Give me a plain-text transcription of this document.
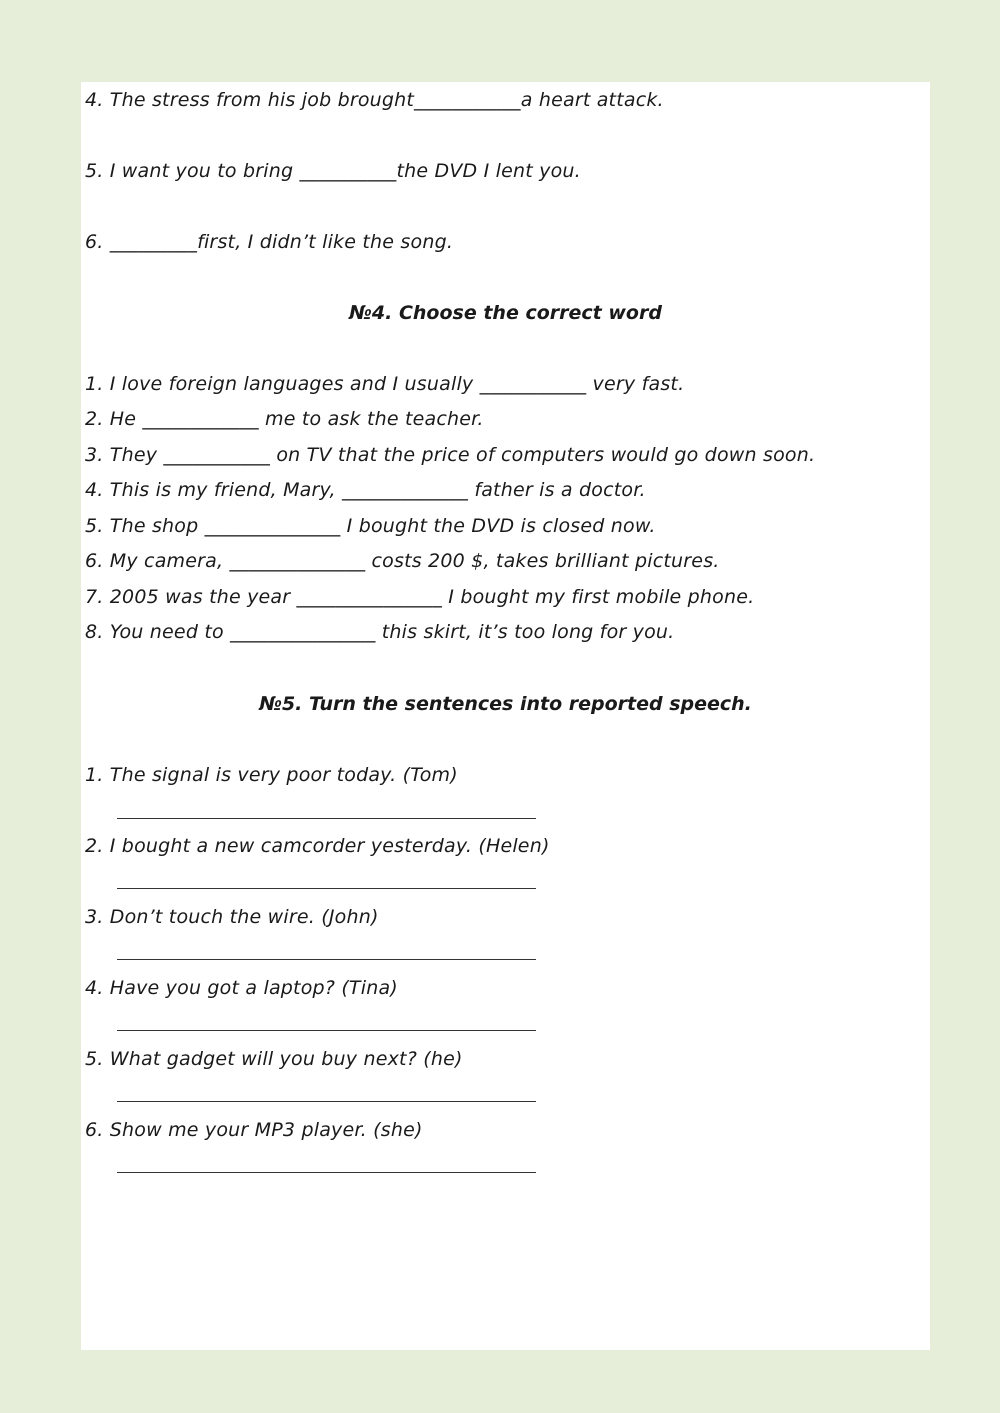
4. The stress from his job brought___________a heart attack.
5. I want you to bring __________the DVD I lent you.
6. _________first, I didn’t like the song.
№4. Choose the correct word
1. I love foreign languages and I usually ___________ very fast.
2. He ____________ me to ask the teacher.
3. They ___________ on TV that the price of computers would go down soon.
4. This is my friend, Mary, _____________ father is a doctor.
5. The shop ______________ I bought the DVD is closed now.
6. My camera, ______________ costs 200 $, takes brilliant pictures.
7. 2005 was the year _______________ I bought my first mobile phone.
8. You need to _______________ this skirt, it’s too long for you.
№5. Turn the sentences into reported speech.
1. The signal is very poor today. (Tom)
2. I bought a new camcorder yesterday. (Helen)
3. Don’t touch the wire. (John)
4. Have you got a laptop? (Tina)
5. What gadget will you buy next? (he)
6. Show me your MP3 player. (she)
